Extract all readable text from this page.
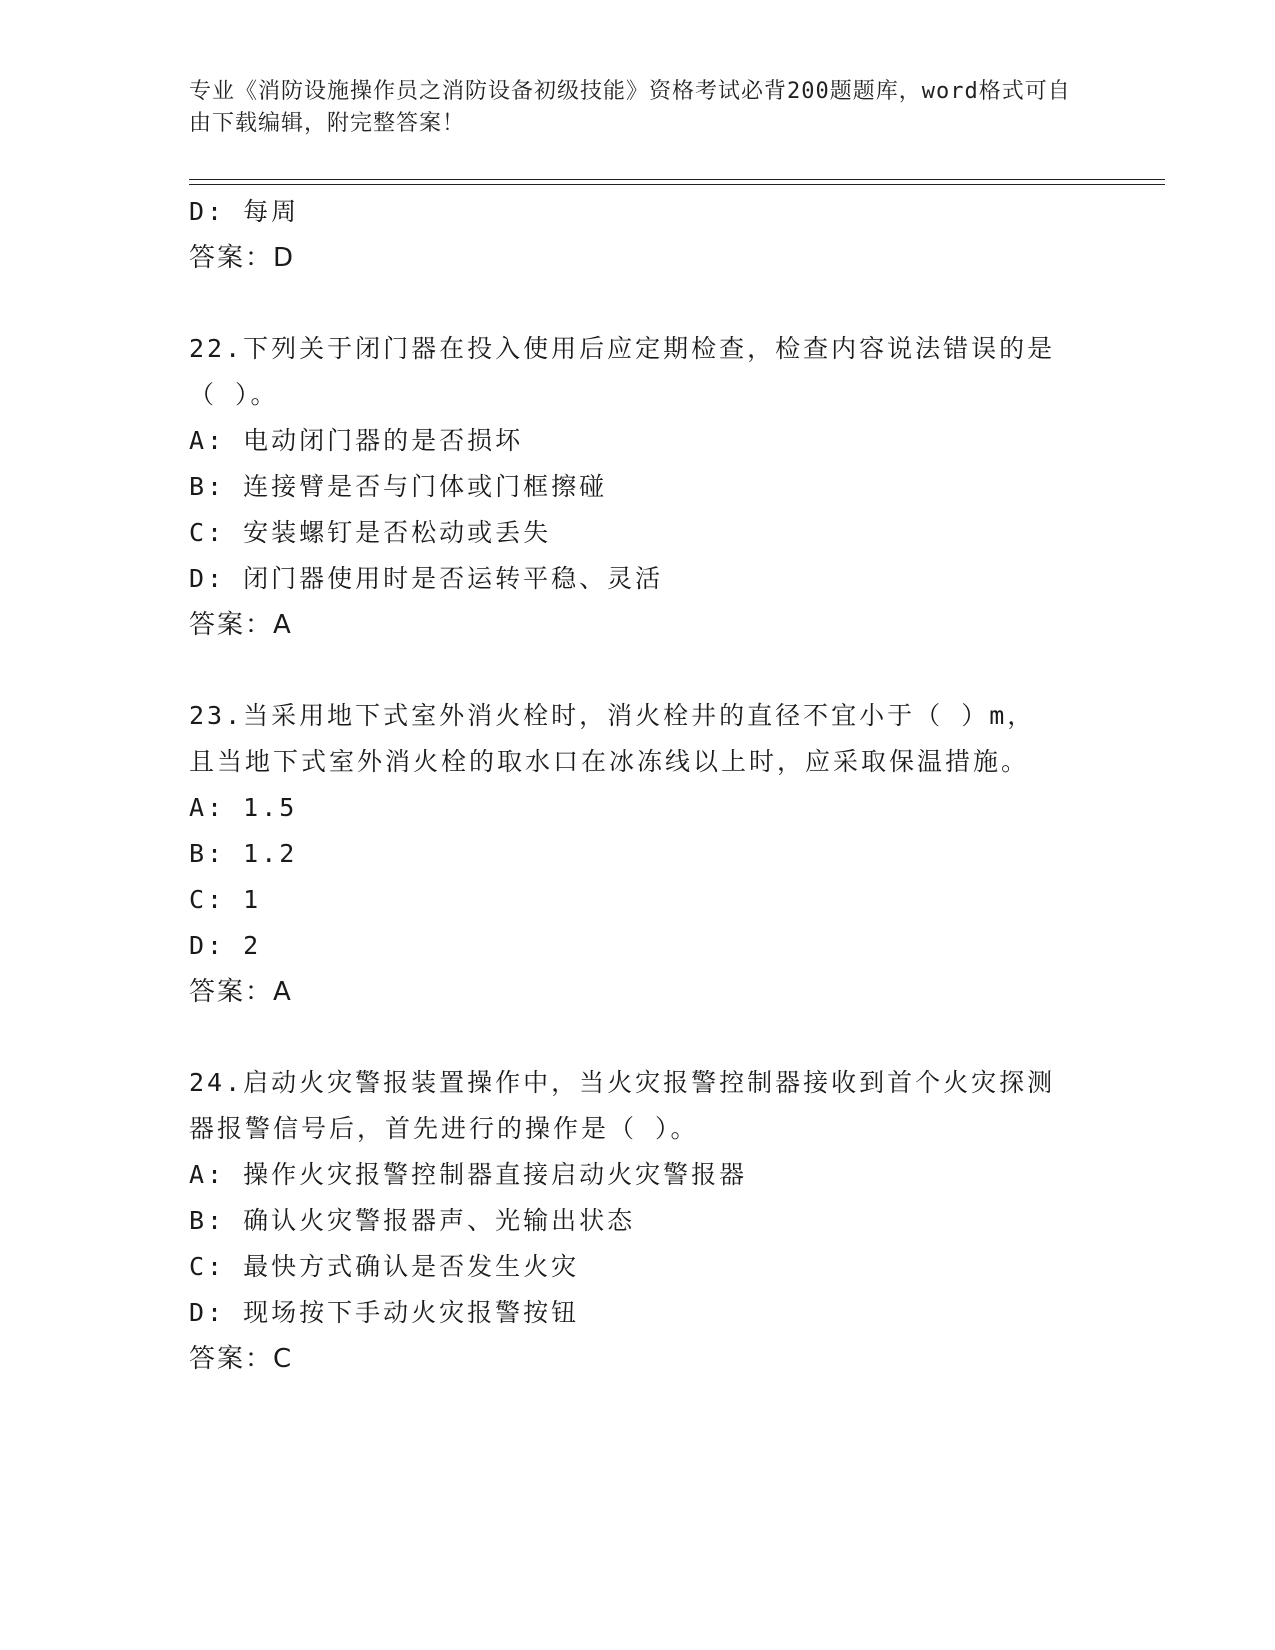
专业《消防设施操作员之消防设备初级技能》资格考试必背200题题库，word格式可自由下载编辑，附完整答案！
D: 每周
答案：D
22.下列关于闭门器在投入使用后应定期检查，检查内容说法错误的是
（ ）。
A: 电动闭门器的是否损坏
B: 连接臂是否与门体或门框擦碰
C: 安装螺钉是否松动或丢失
D: 闭门器使用时是否运转平稳、灵活
答案：A
23.当采用地下式室外消火栓时，消火栓井的直径不宜小于（ ）m，
且当地下式室外消火栓的取水口在冰冻线以上时，应采取保温措施。
A: 1.5
B: 1.2
C: 1
D: 2
答案：A
24.启动火灾警报装置操作中，当火灾报警控制器接收到首个火灾探测
器报警信号后，首先进行的操作是（ ）。
A: 操作火灾报警控制器直接启动火灾警报器
B: 确认火灾警报器声、光输出状态
C: 最快方式确认是否发生火灾
D: 现场按下手动火灾报警按钮
答案：C
